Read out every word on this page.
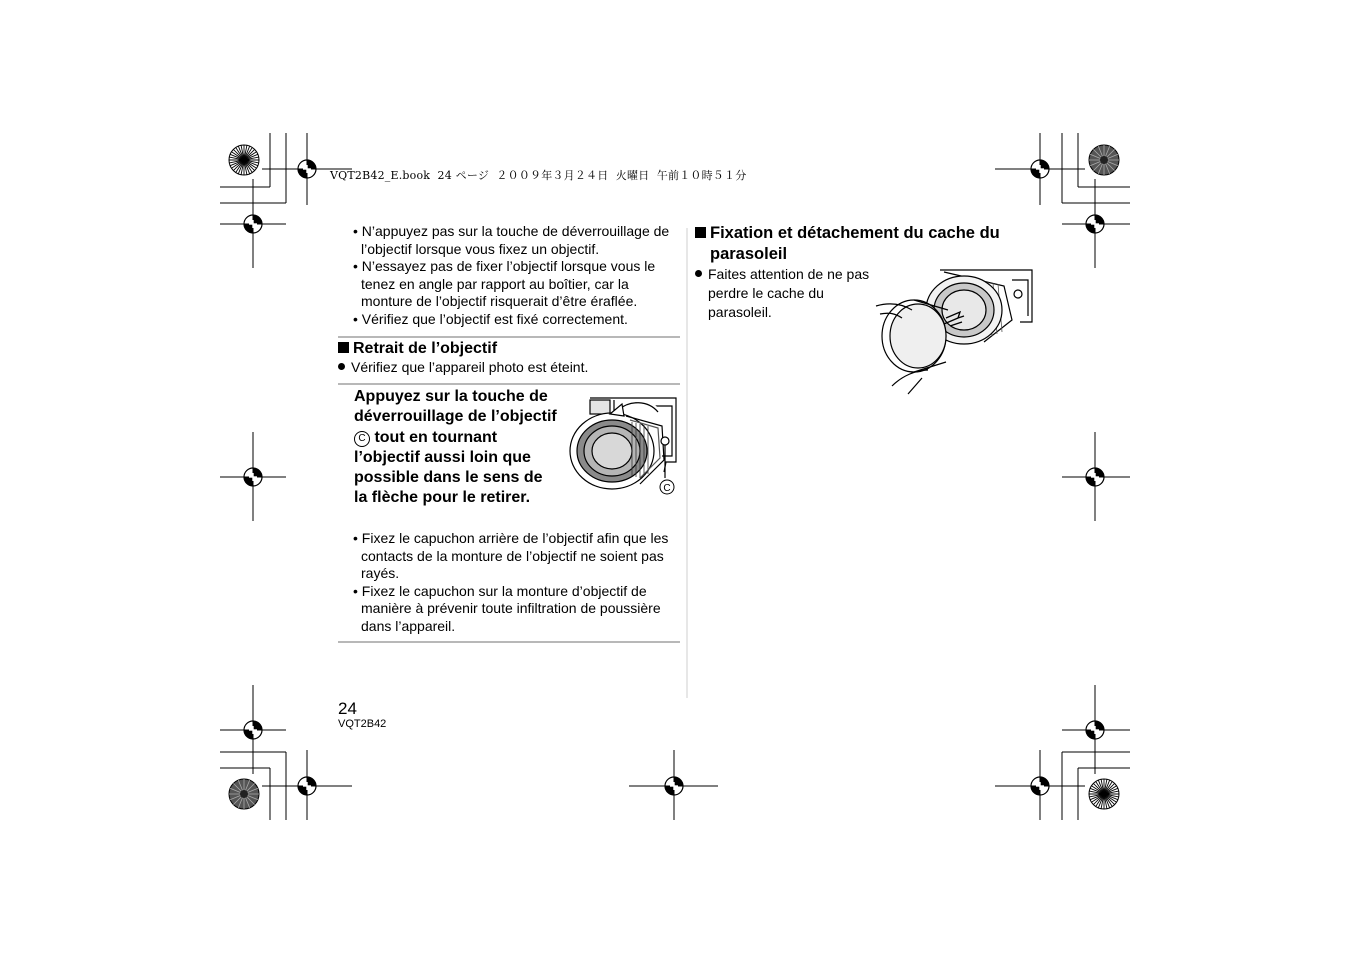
VQT2B42_E.book  24 ページ  ２００９年３月２４日  火曜日  午前１０時５１分

• N’appuyez pas sur la touche de déverrouillage de l’objectif lorsque vous fixez un objectif.

• N’essayez pas de fixer l’objectif lorsque vous le tenez en angle par rapport au boîtier, car la monture de l’objectif risquerait d’être éraflée.

• Vérifiez que l’objectif est fixé correctement.

Retrait de l’objectif
Vérifiez que l’appareil photo est éteint.
Appuyez sur la touche de déverrouillage de l’objectif C tout en tournant l’objectif aussi loin que possible dans le sens de la flèche pour le retirer.
C

• Fixez le capuchon arrière de l’objectif afin que les contacts de la monture de l’objectif ne soient pas rayés.

• Fixez le capuchon sur la monture d’objectif de manière à prévenir toute infiltration de poussière dans l’appareil.

Fixation et détachement du cache du parasoleil
Faites attention de ne pas perdre le cache du parasoleil.
24
VQT2B42
